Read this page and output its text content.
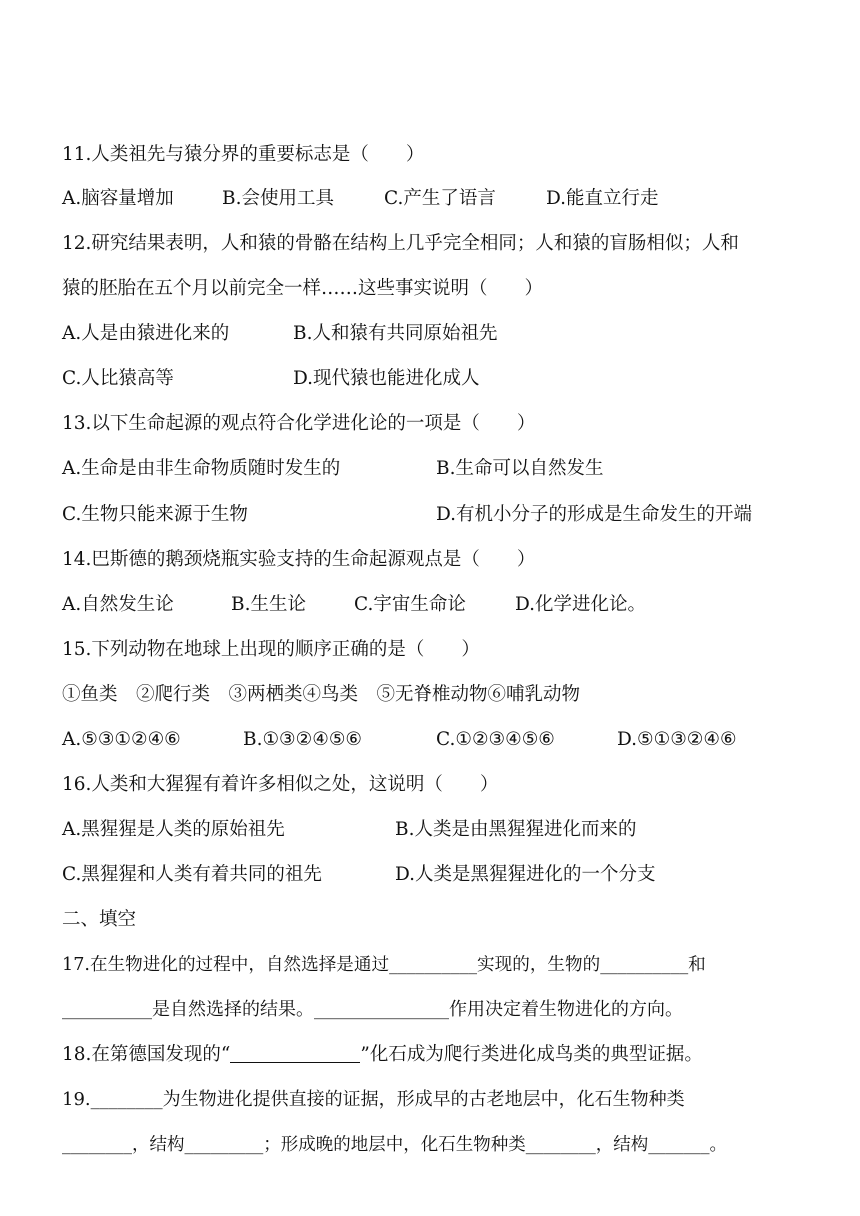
11.人类祖先与猿分界的重要标志是（　　）
A.脑容量增加	B.会使用工具	C.产生了语言	D.能直立行走
12.研究结果表明，人和猿的骨骼在结构上几乎完全相同；人和猿的盲肠相似；人和
猿的胚胎在五个月以前完全一样……这些事实说明（　　）
A.人是由猿进化来的	B.人和猿有共同原始祖先
C.人比猿高等	D.现代猿也能进化成人
13.以下生命起源的观点符合化学进化论的一项是（　　）
A.生命是由非生命物质随时发生的	B.生命可以自然发生
C.生物只能来源于生物	D.有机小分子的形成是生命发生的开端
14.巴斯德的鹅颈烧瓶实验支持的生命起源观点是（　　）
A.自然发生论	B.生生论	C.宇宙生命论	D.化学进化论。
15.下列动物在地球上出现的顺序正确的是（　　）
①鱼类　②爬行类　③两栖类④鸟类　⑤无脊椎动物⑥哺乳动物
A.⑤③①②④⑥	B.①③②④⑤⑥	C.①②③④⑤⑥	D.⑤①③②④⑥
16.人类和大猩猩有着许多相似之处，这说明（　　）
A.黑猩猩是人类的原始祖先	B.人类是由黑猩猩进化而来的
C.黑猩猩和人类有着共同的祖先	D.人类是黑猩猩进化的一个分支
二、填空
17.在生物进化的过程中，自然选择是通过__________实现的，生物的__________和
__________是自然选择的结果。_______________作用决定着生物进化的方向。
18.在第德国发现的“	”化石成为爬行类进化成鸟类的典型证据。
19.________为生物进化提供直接的证据，形成早的古老地层中，化石生物种类
________，结构_________；形成晚的地层中，化石生物种类________，结构_______。
